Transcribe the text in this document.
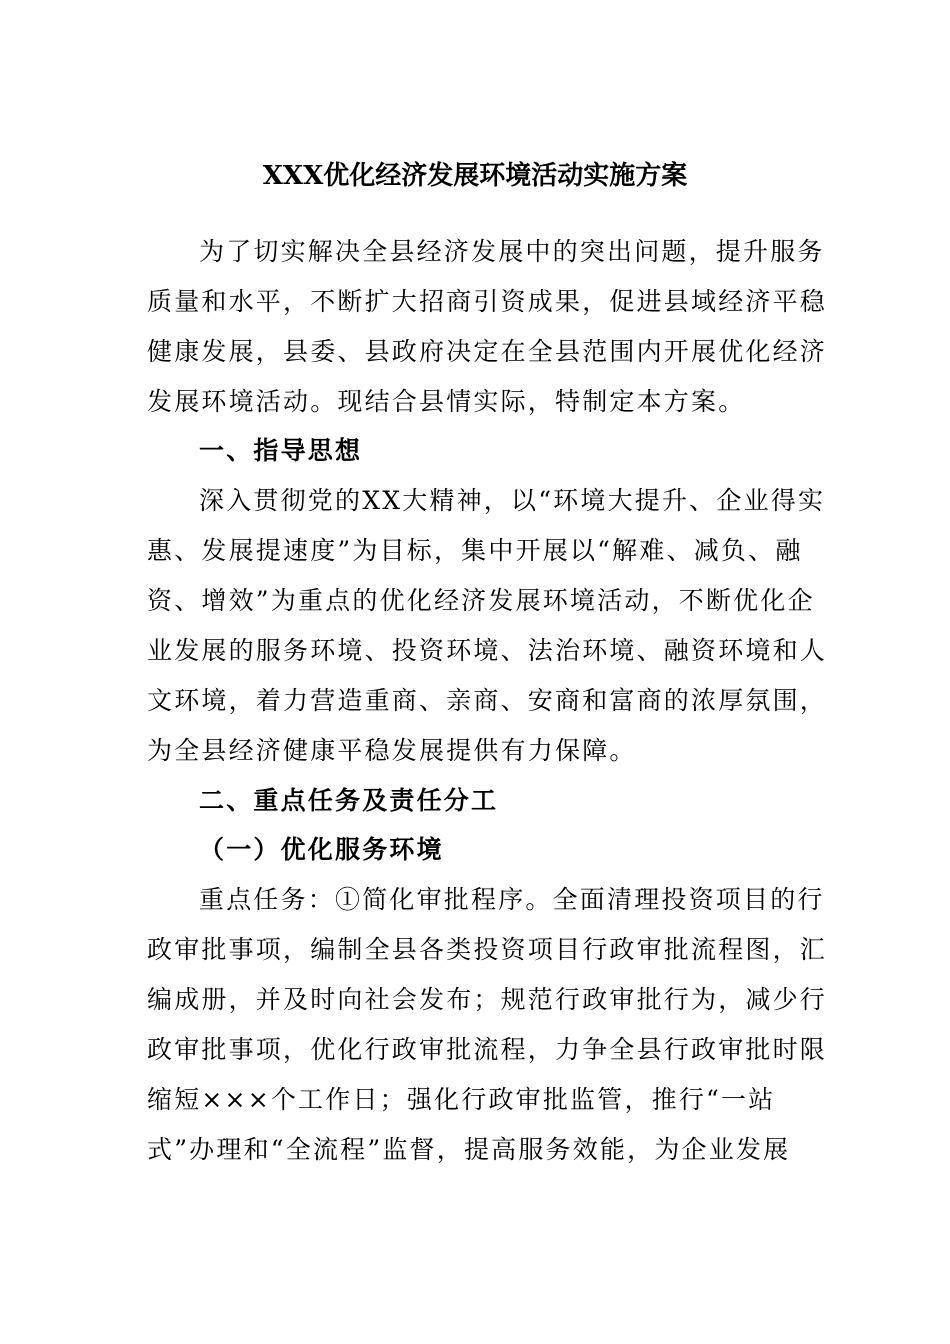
XXX优化经济发展环境活动实施方案
为了切实解决全县经济发展中的突出问题，提升服务
质量和水平，不断扩大招商引资成果，促进县域经济平稳
健康发展，县委、县政府决定在全县范围内开展优化经济
发展环境活动。现结合县情实际，特制定本方案。
一、指导思想
深入贯彻党的XX大精神，以“环境大提升、企业得实
惠、发展提速度”为目标，集中开展以“解难、减负、融
资、增效”为重点的优化经济发展环境活动，不断优化企
业发展的服务环境、投资环境、法治环境、融资环境和人
文环境，着力营造重商、亲商、安商和富商的浓厚氛围，
为全县经济健康平稳发展提供有力保障。
二、重点任务及责任分工
（一）优化服务环境
重点任务：①简化审批程序。全面清理投资项目的行
政审批事项，编制全县各类投资项目行政审批流程图，汇
编成册，并及时向社会发布；规范行政审批行为，减少行
政审批事项，优化行政审批流程，力争全县行政审批时限
缩短×××个工作日；强化行政审批监管，推行“一站
式”办理和“全流程”监督，提高服务效能，为企业发展
